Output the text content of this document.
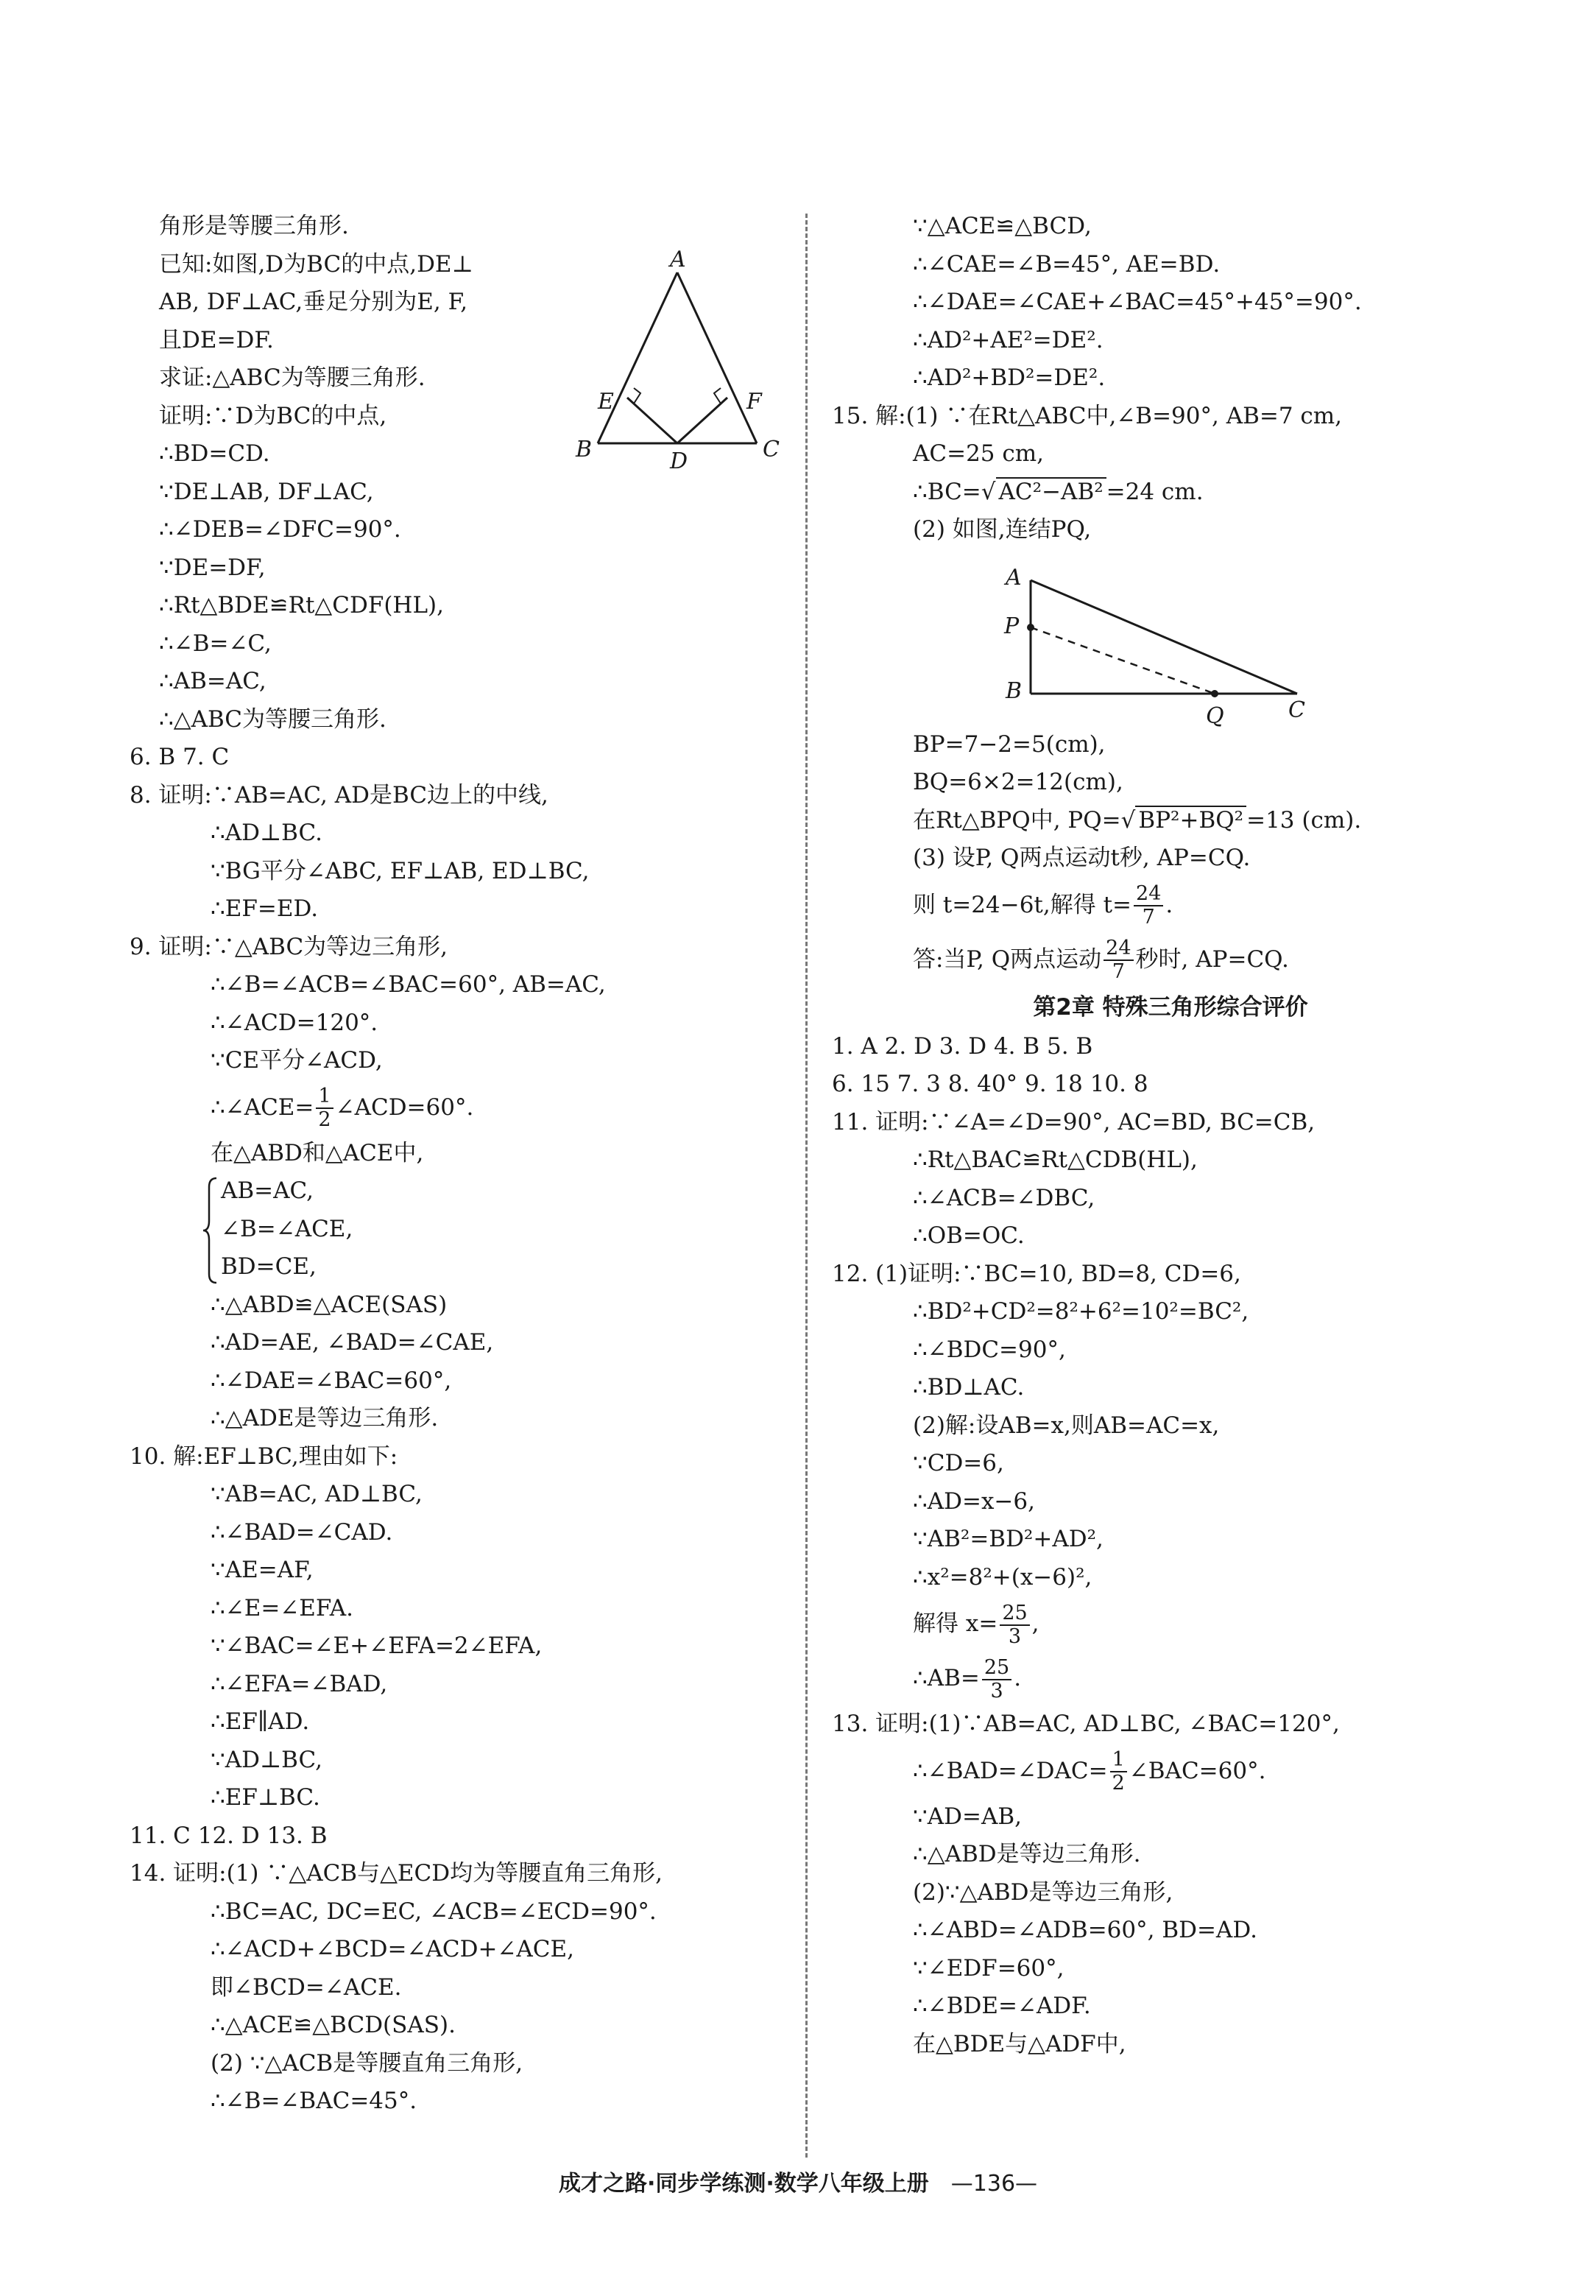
角形是等腰三角形.
已知:如图,D为BC的中点,DE⊥
AB, DF⊥AC,垂足分别为E, F,
且DE=DF.
求证:△ABC为等腰三角形.
证明:∵D为BC的中点,
∴BD=CD.
∵DE⊥AB, DF⊥AC,
∴∠DEB=∠DFC=90°.
∵DE=DF,
∴Rt△BDE≌Rt△CDF(HL),
∴∠B=∠C,
∴AB=AC,
∴△ABC为等腰三角形.
6. B 7. C
8. 证明:∵AB=AC, AD是BC边上的中线,
∴AD⊥BC.
∵BG平分∠ABC, EF⊥AB, ED⊥BC,
∴EF=ED.
9. 证明:∵△ABC为等边三角形,
∴∠B=∠ACB=∠BAC=60°, AB=AC,
∴∠ACD=120°.
∵CE平分∠ACD,
∴∠ACE= $\frac{1}{2}$ ∠ACD=60°.
在△ABD和△ACE中,
AB=AC,
∠B=∠ACE,
BD=CE,
∴△ABD≌△ACE(SAS)
∴AD=AE, ∠BAD=∠CAE,
∴∠DAE=∠BAC=60°,
∴△ADE是等边三角形.
10. 解:EF⊥BC,理由如下:
∵AB=AC, AD⊥BC,
∴∠BAD=∠CAD.
∵AE=AF,
∴∠E=∠EFA.
∵∠BAC=∠E+∠EFA=2∠EFA,
∴∠EFA=∠BAD,
∴EF∥AD.
∵AD⊥BC,
∴EF⊥BC.
11. C 12. D 13. B
14. 证明:(1) ∵△ACB与△ECD均为等腰直角三角形,
∴BC=AC, DC=EC, ∠ACB=∠ECD=90°.
∴∠ACD+∠BCD=∠ACD+∠ACE,
即∠BCD=∠ACE.
∴△ACE≌△BCD(SAS).
(2) ∵△ACB是等腰直角三角形,
∴∠B=∠BAC=45°.
A
B	C
D
E	F
∵△ACE≌△BCD,
∴∠CAE=∠B=45°, AE=BD.
∴∠DAE=∠CAE+∠BAC=45°+45°=90°.
∴AD²+AE²=DE².
∴AD²+BD²=DE².
15. 解:(1) ∵在Rt△ABC中,∠B=90°, AB=7 cm,
AC=25 cm,
∴BC=√ AC²−AB² =24 cm.
(2) 如图,连结PQ,
BP=7−2=5(cm),
BQ=6×2=12(cm),
在Rt△BPQ中, PQ=√ BP²+BQ² =13 (cm).
(3) 设P, Q两点运动t秒, AP=CQ.
则 t=24−6t,解得 $t= \frac{24}{7}$ .
答:当P, Q两点运动 $\frac{24}{7}$ 秒时, AP=CQ.
第2章 特殊三角形综合评价
1. A 2. D 3. D 4. B 5. B
6. 15 7. 3 8. 40° 9. 18 10. 8
11. 证明:∵∠A=∠D=90°, AC=BD, BC=CB,
∴Rt△BAC≌Rt△CDB(HL),
∴∠ACB=∠DBC,
∴OB=OC.
12. (1)证明:∵BC=10, BD=8, CD=6,
∴BD²+CD²=8²+6²=10²=BC²,
∴∠BDC=90°,
∴BD⊥AC.
(2)解:设AB=x,则AB=AC=x,
∵CD=6,
∴AD=x−6,
∵AB²=BD²+AD²,
∴x²=8²+(x−6)²,
解得 $x= \frac{25}{3}$ ,
∴AB= $\frac{25}{3}$ .
13. 证明:(1)∵AB=AC, AD⊥BC, ∠BAC=120°,
∴∠BAD=∠DAC= $\frac{1}{2}$ ∠BAC=60°.
∵AD=AB,
∴△ABD是等边三角形.
(2)∵△ABD是等边三角形,
∴∠ABD=∠ADB=60°, BD=AD.
∵∠EDF=60°,
∴∠BDE=∠ADF.
在△BDE与△ADF中,
A
P
B
Q	C
成才之路·同步学练测·数学八年级上册 —136—
